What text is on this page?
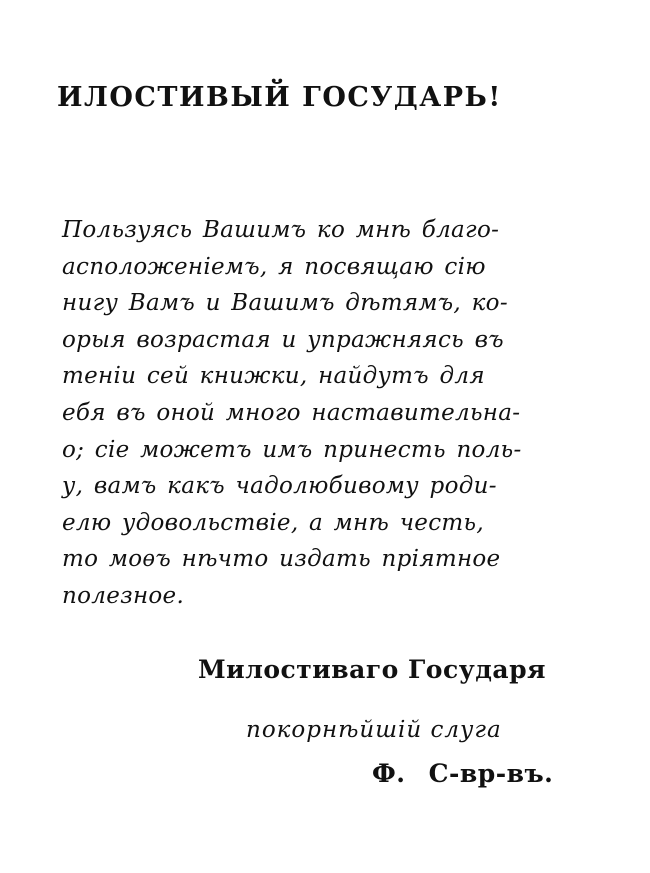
ИЛОСТИВЫЙ ГОСУДАРЬ!
Пользуясь Вашимъ ко мнѣ благо-
асположенiемъ, я посвящаю сiю
нигу Вамъ и Вашимъ дѣтямъ, ко-
орыя возрастая и упражняясь въ
тенiи сей книжки, найдутъ для
ебя въ оной много наставительна-
о; сiе можетъ имъ принесть поль-
у, вамъ какъ чадолюбивому роди-
елю удовольствiе, а мнѣ честь,
то моѳъ нѣчто издать прiятное
полезное.

Милостиваго Государя

покорнѣйшiй слуга

Ф. С-вр-въ.
